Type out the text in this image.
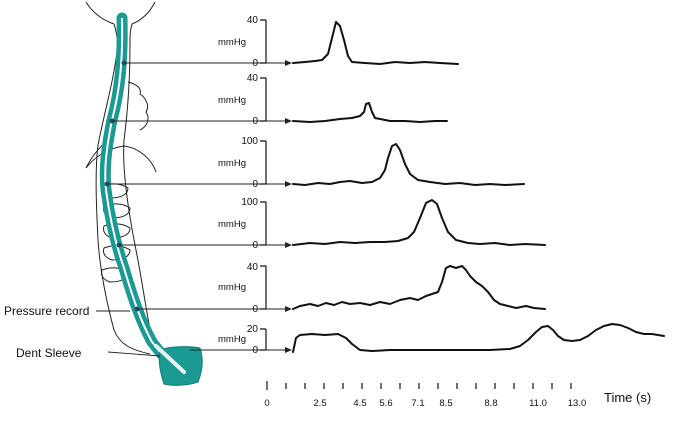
Pressure record
Dent Sleeve
40
0
mmHg
40
0
mmHg
100
0
mmHg
100
0
mmHg
40
0
mmHg
20
0
mmHg
0	2.5	4.5 5.6 7.1 8.5	8.8	11.0 13.0 Time (s)
